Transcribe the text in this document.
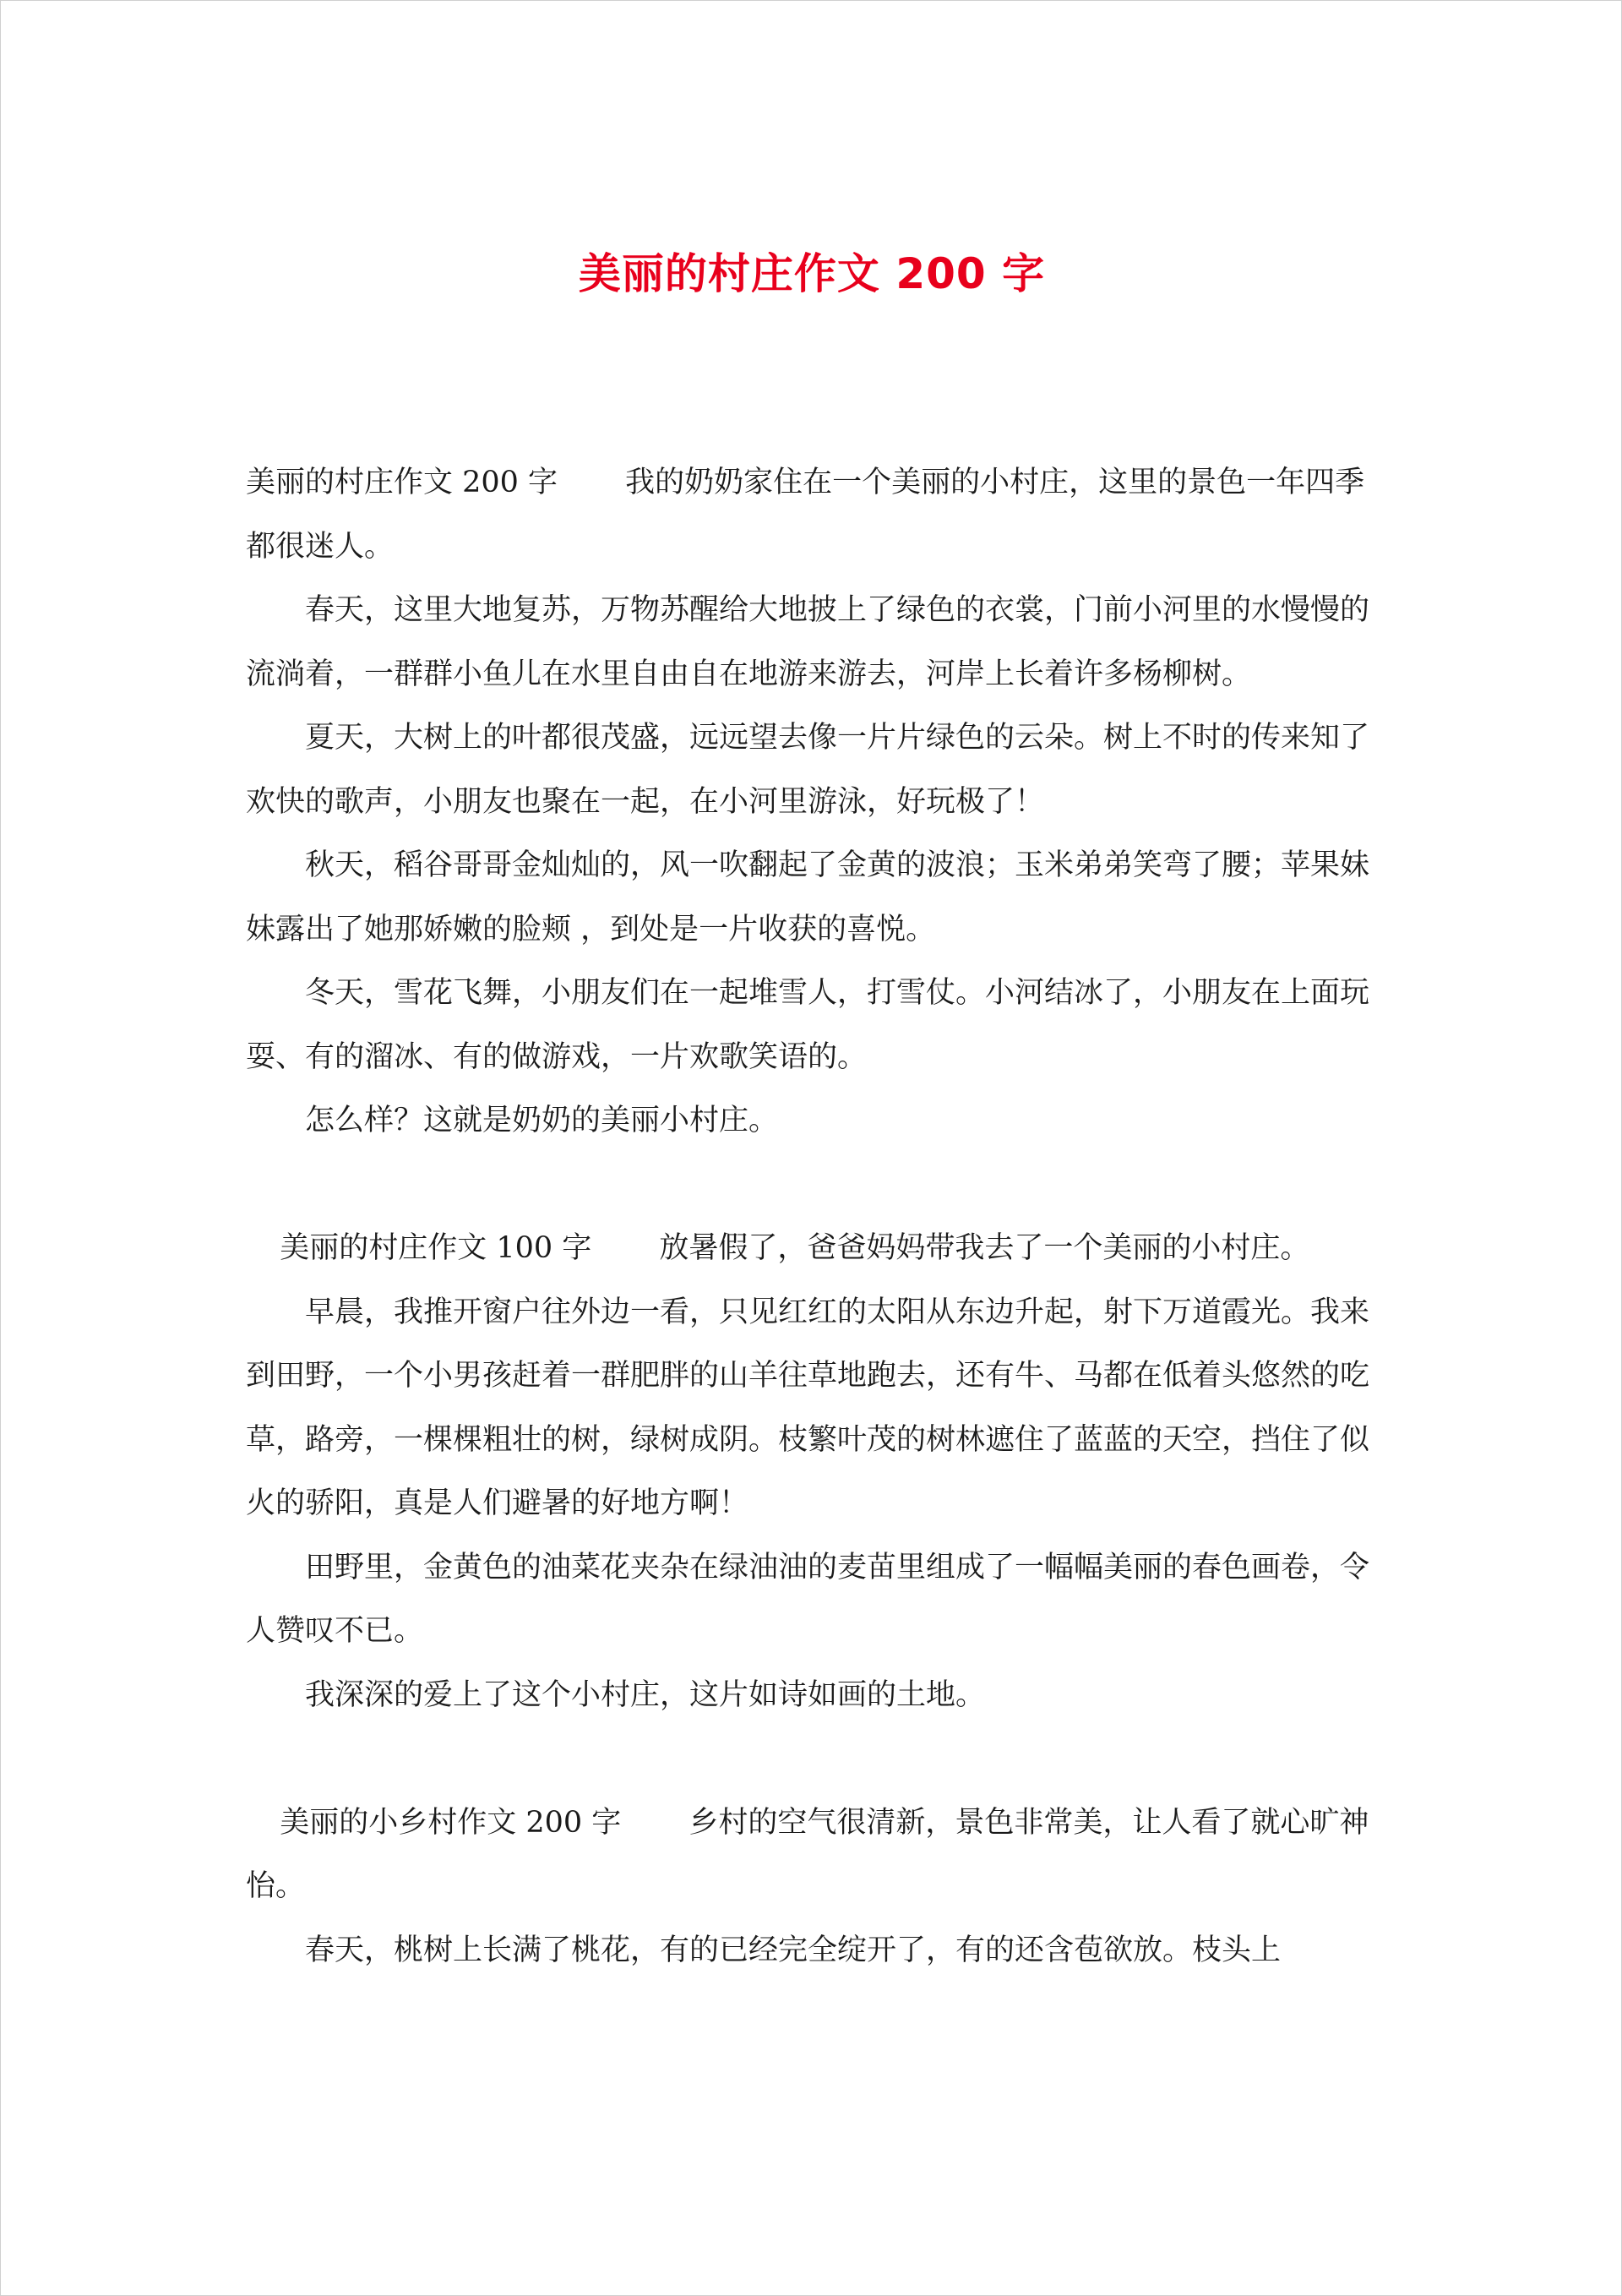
美丽的村庄作文 200 字

美丽的村庄作文 200 字 我的奶奶家住在一个美丽的小村庄，这里的景色一年四季都很迷人。

春天，这里大地复苏，万物苏醒给大地披上了绿色的衣裳，门前小河里的水慢慢的流淌着，一群群小鱼儿在水里自由自在地游来游去，河岸上长着许多杨柳树。

夏天，大树上的叶都很茂盛，远远望去像一片片绿色的云朵。树上不时的传来知了欢快的歌声，小朋友也聚在一起，在小河里游泳，好玩极了！

秋天，稻谷哥哥金灿灿的，风一吹翻起了金黄的波浪；玉米弟弟笑弯了腰；苹果妹妹露出了她那娇嫩的脸颊 ，到处是一片收获的喜悦。

冬天，雪花飞舞，小朋友们在一起堆雪人，打雪仗。小河结冰了，小朋友在上面玩耍、有的溜冰、有的做游戏，一片欢歌笑语的。

怎么样？这就是奶奶的美丽小村庄。

美丽的村庄作文 100 字 放暑假了，爸爸妈妈带我去了一个美丽的小村庄。

早晨，我推开窗户往外边一看，只见红红的太阳从东边升起，射下万道霞光。我来到田野，一个小男孩赶着一群肥胖的山羊往草地跑去，还有牛、马都在低着头悠然的吃草，路旁，一棵棵粗壮的树，绿树成阴。枝繁叶茂的树林遮住了蓝蓝的天空，挡住了似火的骄阳，真是人们避暑的好地方啊！

田野里，金黄色的油菜花夹杂在绿油油的麦苗里组成了一幅幅美丽的春色画卷，令人赞叹不已。

我深深的爱上了这个小村庄，这片如诗如画的土地。

美丽的小乡村作文 200 字 乡村的空气很清新，景色非常美，让人看了就心旷神怡。

春天，桃树上长满了桃花，有的已经完全绽开了，有的还含苞欲放。枝头上
